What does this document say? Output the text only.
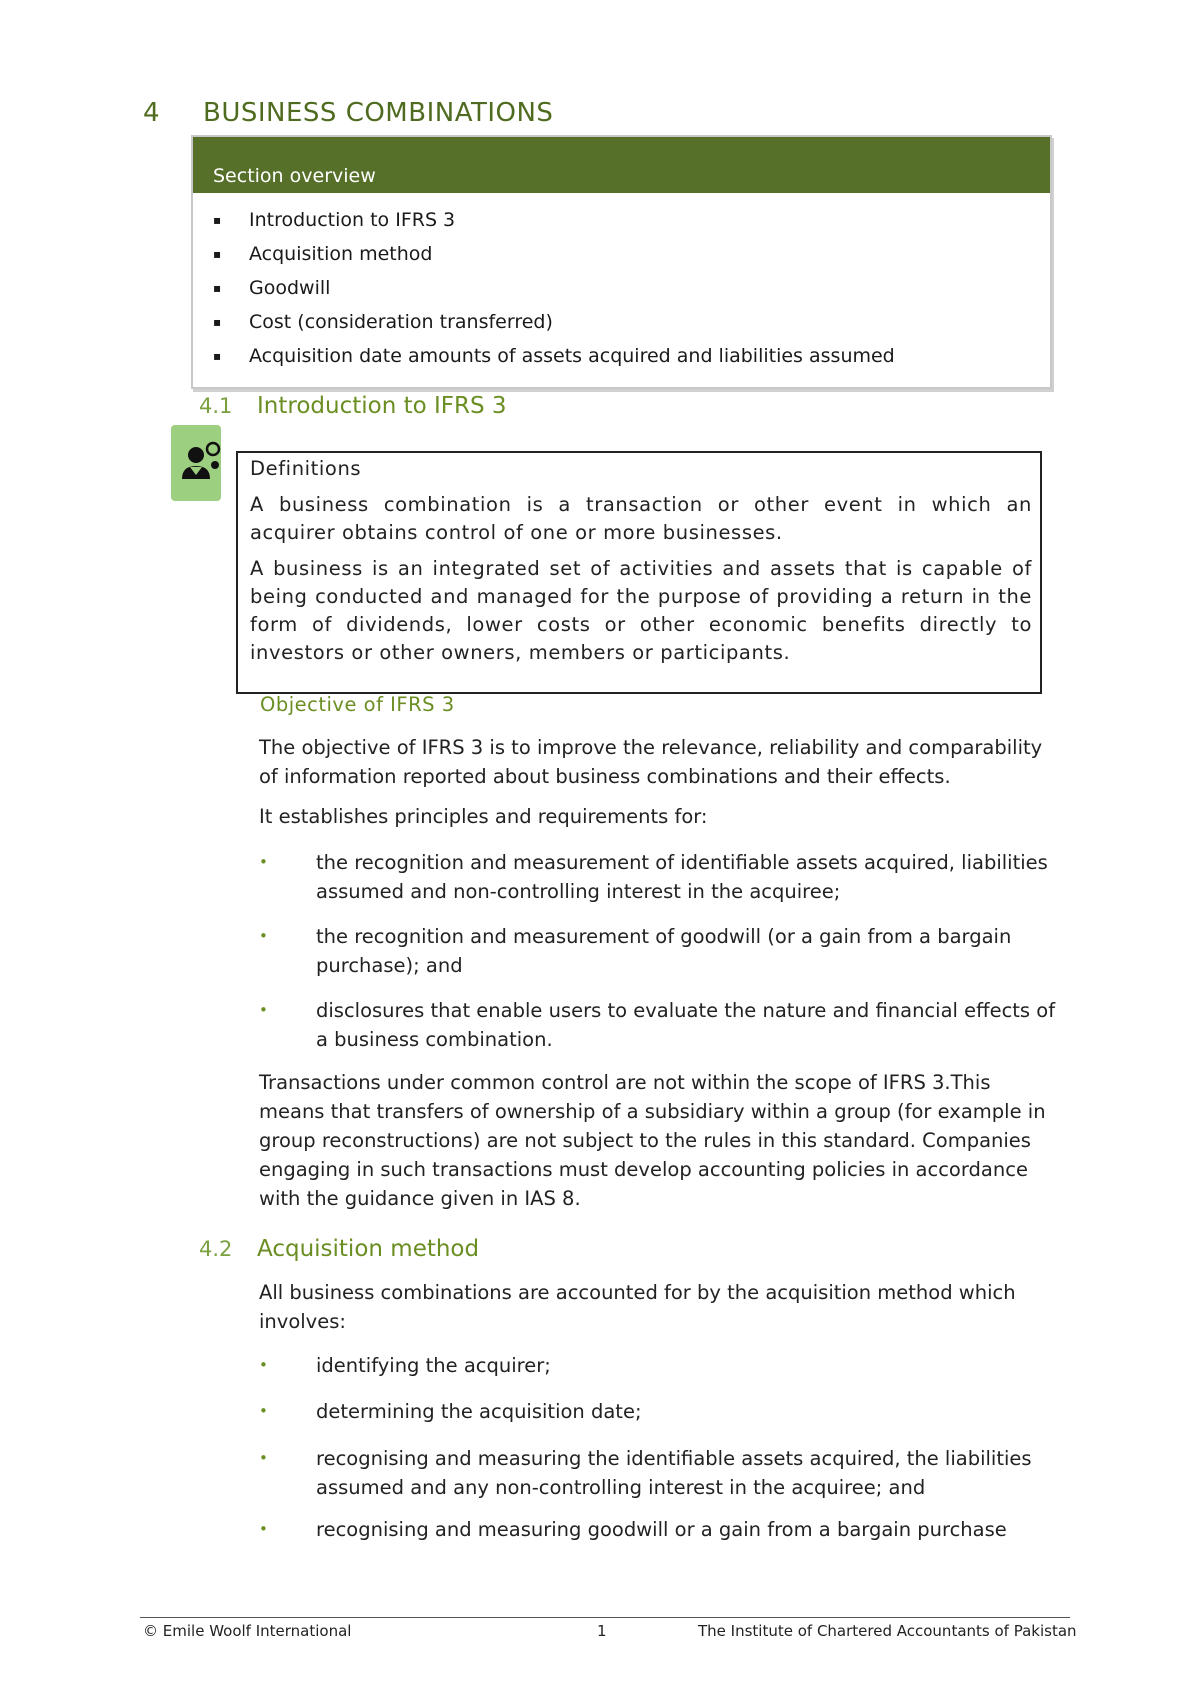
4 BUSINESS COMBINATIONS
Section overview
▪	Introduction to IFRS 3
▪	Acquisition method
▪	Goodwill
▪	Cost (consideration transferred)
▪	Acquisition date amounts of assets acquired and liabilities assumed
4.1 Introduction to IFRS 3
Definitions

A business combination is a transaction or other event in which an acquirer obtains control of one or more businesses.

A business is an integrated set of activities and assets that is capable of being conducted and managed for the purpose of providing a return in the form of dividends, lower costs or other economic benefits directly to investors or other owners, members or participants.

Objective of IFRS 3

The objective of IFRS 3 is to improve the relevance, reliability and comparability of information reported about business combinations and their effects.

It establishes principles and requirements for:

•	the recognition and measurement of identifiable assets acquired, liabilities assumed and non-controlling interest in the acquiree;
•	the recognition and measurement of goodwill (or a gain from a bargain purchase); and
•	disclosures that enable users to evaluate the nature and financial effects of a business combination.

Transactions under common control are not within the scope of IFRS 3.This means that transfers of ownership of a subsidiary within a group (for example in group reconstructions) are not subject to the rules in this standard. Companies engaging in such transactions must develop accounting policies in accordance with the guidance given in IAS 8.

4.2 Acquisition method

All business combinations are accounted for by the acquisition method which involves:

•	identifying the acquirer;
•	determining the acquisition date;
•	recognising and measuring the identifiable assets acquired, the liabilities assumed and any non-controlling interest in the acquiree; and
•	recognising and measuring goodwill or a gain from a bargain purchase
© Emile Woolf International	1	The Institute of Chartered Accountants of Pakistan
